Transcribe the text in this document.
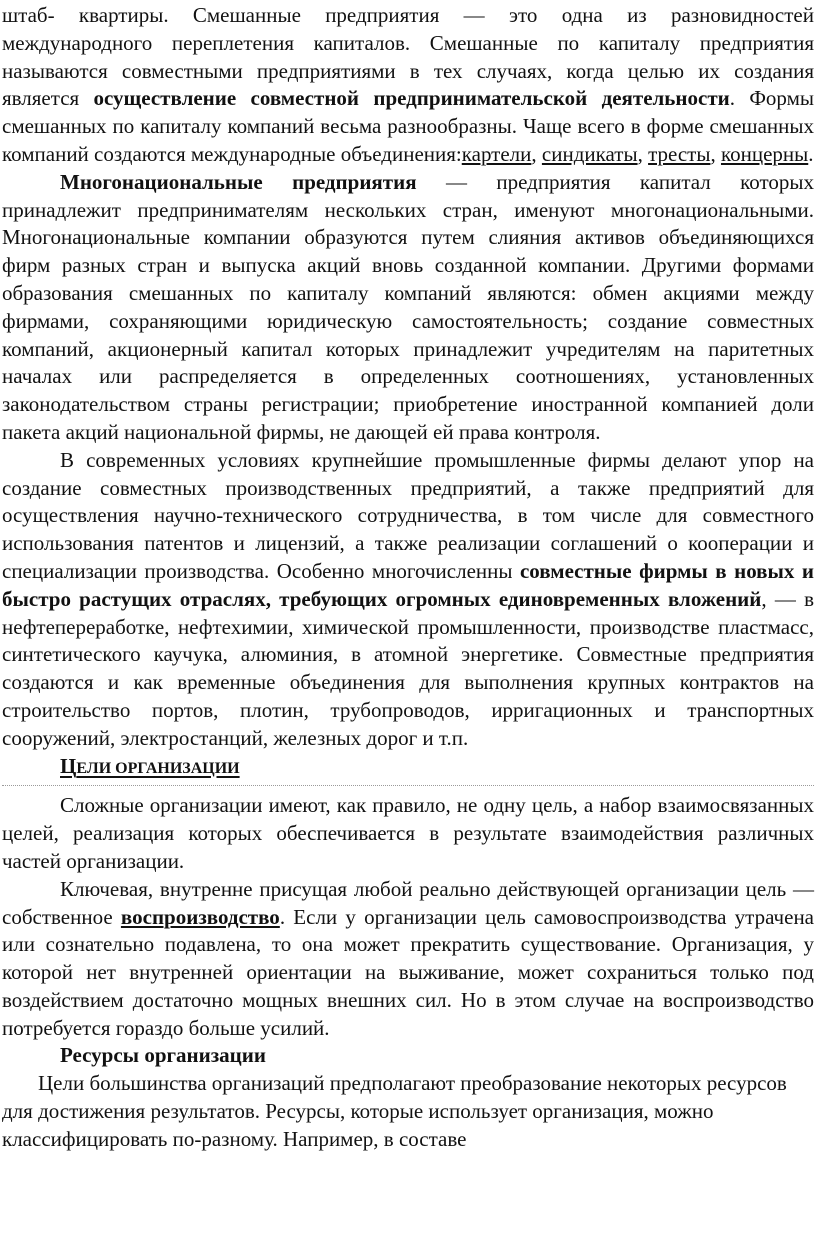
штаб- квартиры. Смешанные предприятия — это одна из разновидностей международного переплетения капиталов. Смешанные по капиталу предприятия называются совместными предприятиями в тех случаях, когда целью их создания является осуществление совместной предпринимательской деятельности. Формы смешанных по капиталу компаний весьма разнообразны. Чаще всего в форме смешанных компаний создаются международные объединения:картели, синдикаты, тресты, концерны.

Многонациональные предприятия — предприятия капитал которых принадлежит предпринимателям нескольких стран, именуют многонациональными. Многонациональные компании образуются путем слияния активов объединяющихся фирм разных стран и выпуска акций вновь созданной компании. Другими формами образования смешанных по капиталу компаний являются: обмен акциями между фирмами, сохраняющими юридическую самостоятельность; создание совместных компаний, акционерный капитал которых принадлежит учредителям на паритетных началах или распределяется в определенных соотношениях, установленных законодательством страны регистрации; приобретение иностранной компанией доли пакета акций национальной фирмы, не дающей ей права контроля.

В современных условиях крупнейшие промышленные фирмы делают упор на создание совместных производственных предприятий, а также предприятий для осуществления научно-технического сотрудничества, в том числе для совместного использования патентов и лицензий, а также реализации соглашений о кооперации и специализации производства. Особенно многочисленны совместные фирмы в новых и быстро растущих отраслях, требующих огромных единовременных вложений, — в нефтепереработке, нефтехимии, химической промышленности, производстве пластмасс, синтетического каучука, алюминия, в атомной энергетике. Совместные предприятия создаются и как временные объединения для выполнения крупных контрактов на строительство портов, плотин, трубопроводов, ирригационных и транспортных сооружений, электростанций, железных дорог и т.п.

ЦЕЛИ ОРГАНИЗАЦИИ

Сложные организации имеют, как правило, не одну цель, а набор взаимосвязанных целей, реализация которых обеспечивается в результате взаимодействия различных частей организации.

Ключевая, внутренне присущая любой реально действующей организации цель — собственное воспроизводство. Если у организации цель самовоспроизводства утрачена или сознательно подавлена, то она может прекратить существование. Организация, у которой нет внутренней ориентации на выживание, может сохраниться только под воздействием достаточно мощных внешних сил. Но в этом случае на воспроизводство потребуется гораздо больше усилий.

Ресурсы организации

Цели большинства организаций предполагают преобразование некоторых ресурсов для достижения результатов. Ресурсы, которые использует организация, можно классифицировать по-разному. Например, в составе
